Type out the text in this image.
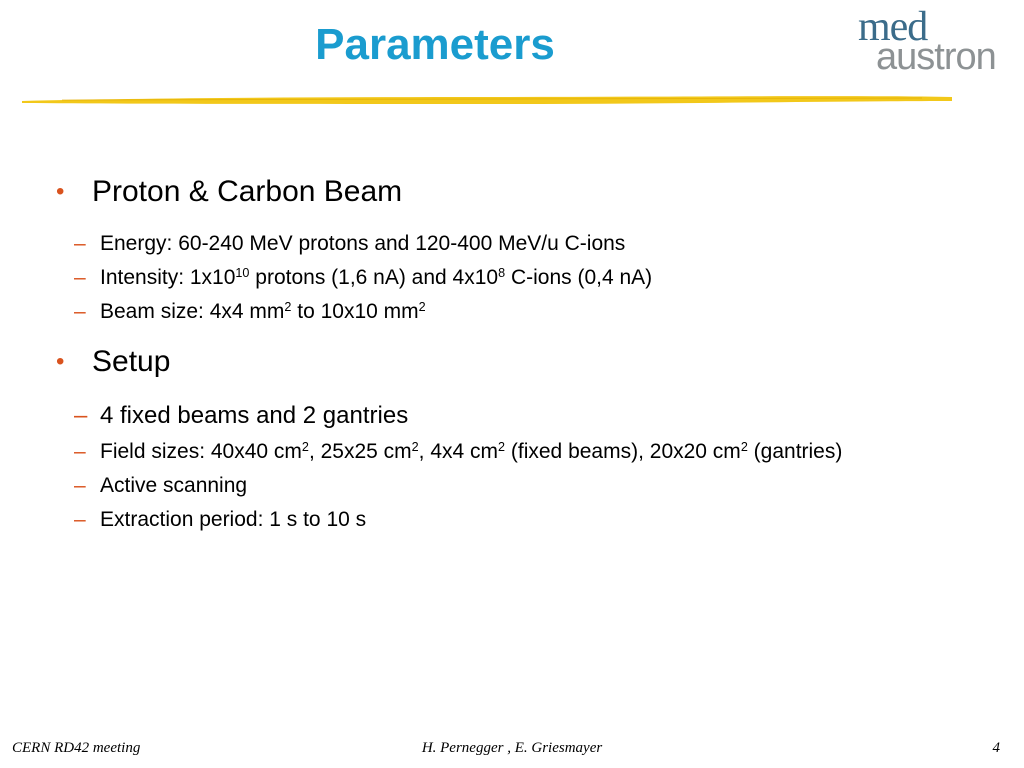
Parameters	med
austron
• Proton & Carbon Beam
– Energy: 60-240 MeV protons and 120-400 MeV/u C-ions
– Intensity: $1x10^{10}$ protons (1,6 nA) and $4x10^8$ C-ions (0,4 nA)
– Beam size: 4x4 $mm^2$ to 10x10 $mm^2$
• Setup
– 4 fixed beams and 2 gantries
– Field sizes: 40x40 $cm^2$, 25x25 $cm^2$, 4x4 $cm^2$ (fixed beams), 20x20 $cm^2$ (gantries)
– Active scanning
– Extraction period: 1 s to 10 s
CERN RD42 meeting	H. Pernegger , E. Griesmayer	4
